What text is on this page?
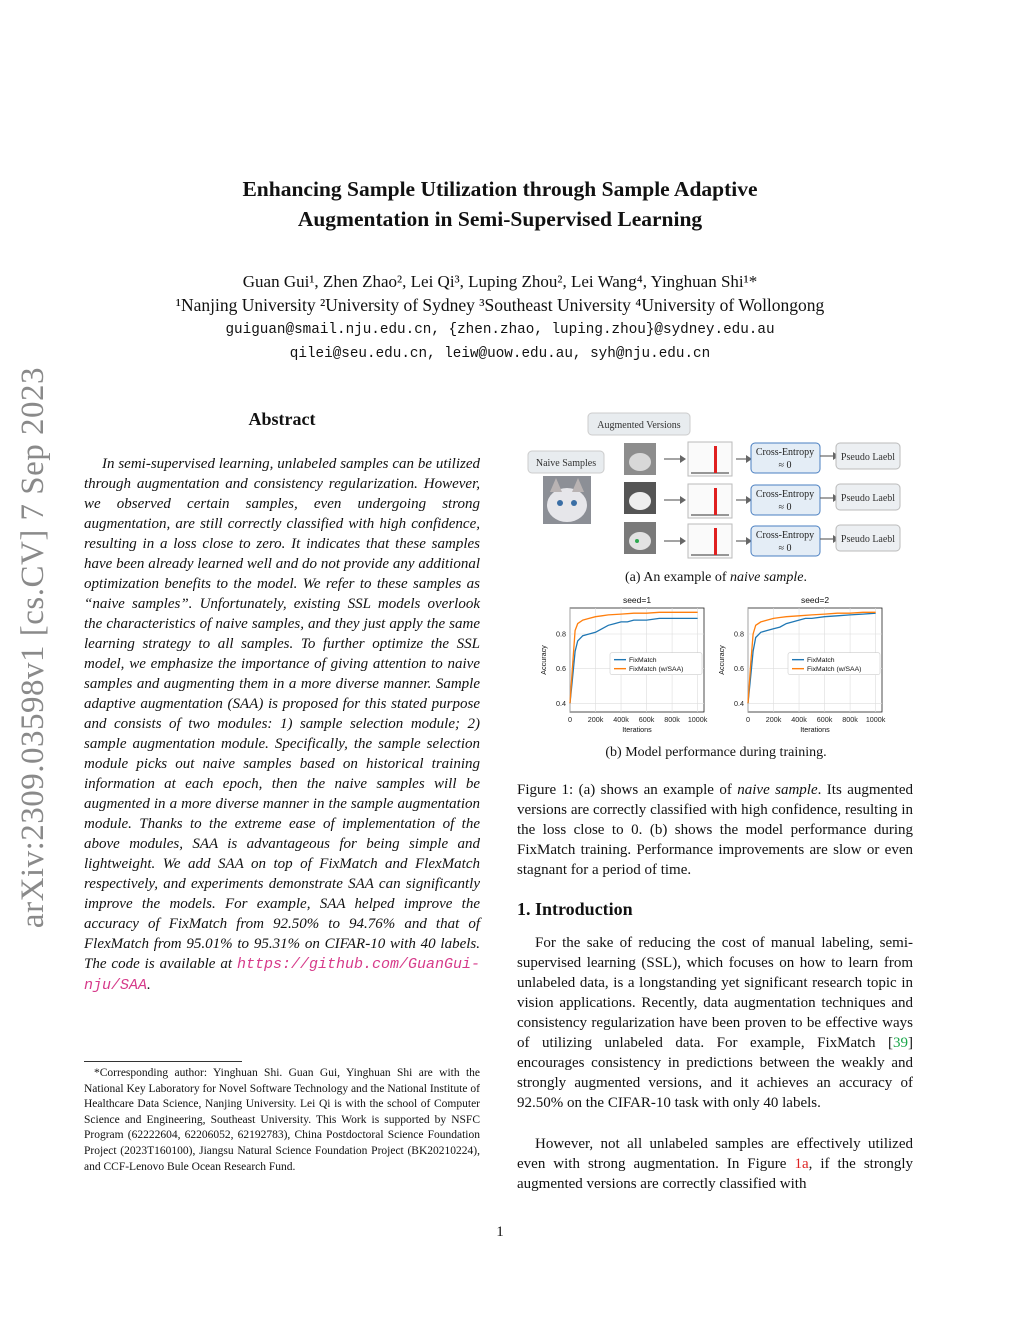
arXiv:2309.03598v1 [cs.CV] 7 Sep 2023
Enhancing Sample Utilization through Sample Adaptive
Augmentation in Semi-Supervised Learning
Guan Gui¹, Zhen Zhao², Lei Qi³, Luping Zhou², Lei Wang⁴, Yinghuan Shi¹*
¹Nanjing University ²University of Sydney ³Southeast University ⁴University of Wollongong
guiguan@smail.nju.edu.cn, {zhen.zhao, luping.zhou}@sydney.edu.au
qilei@seu.edu.cn, leiw@uow.edu.au, syh@nju.edu.cn
Abstract
In semi-supervised learning, unlabeled samples can be utilized through augmentation and consistency regularization. However, we observed certain samples, even undergoing strong augmentation, are still correctly classified with high confidence, resulting in a loss close to zero. It indicates that these samples have been already learned well and do not provide any additional optimization benefits to the model. We refer to these samples as “naive samples”. Unfortunately, existing SSL models overlook the characteristics of naive samples, and they just apply the same learning strategy to all samples. To further optimize the SSL model, we emphasize the importance of giving attention to naive samples and augmenting them in a more diverse manner. Sample adaptive augmentation (SAA) is proposed for this stated purpose and consists of two modules: 1) sample selection module; 2) sample augmentation module. Specifically, the sample selection module picks out naive samples based on historical training information at each epoch, then the naive samples will be augmented in a more diverse manner in the sample augmentation module. Thanks to the extreme ease of implementation of the above modules, SAA is advantageous for being simple and lightweight. We add SAA on top of FixMatch and FlexMatch respectively, and experiments demonstrate SAA can significantly improve the models. For example, SAA helped improve the accuracy of FixMatch from 92.50% to 94.76% and that of FlexMatch from 95.01% to 95.31% on CIFAR-10 with 40 labels. The code is available at https://github.com/GuanGui-nju/SAA.
*Corresponding author: Yinghuan Shi. Guan Gui, Yinghuan Shi are with the National Key Laboratory for Novel Software Technology and the National Institute of Healthcare Data Science, Nanjing University. Lei Qi is with the school of Computer Science and Engineering, Southeast University. This Work is supported by NSFC Program (62222604, 62206052, 62192783), China Postdoctoral Science Foundation Project (2023T160100), Jiangsu Natural Science Foundation Project (BK20210224), and CCF-Lenovo Bule Ocean Research Fund.
Augmented Versions
Naive Samples
Cross-Entropy
≈ 0
Pseudo Laebl
Cross-Entropy
≈ 0
Pseudo Laebl
Cross-Entropy
≈ 0
Pseudo Laebl
(a) An example of naive sample.
0 200k 400k 600k 800k 1000k
0.4
0.6
0.8
seed=1
Iterations
Accuracy	FixMatch
FixMatch (w/SAA)
0 200k 400k 600k 800k 1000k
0.4
0.6
0.8
seed=2
Iterations
Accuracy	FixMatch
FixMatch (w/SAA)
(b) Model performance during training.
Figure 1: (a) shows an example of naive sample. Its augmented versions are correctly classified with high confidence, resulting in the loss close to 0. (b) shows the model performance during FixMatch training. Performance improvements are slow or even stagnant for a period of time.
1. Introduction
For the sake of reducing the cost of manual labeling, semi-supervised learning (SSL), which focuses on how to learn from unlabeled data, is a longstanding yet significant research topic in vision applications. Recently, data augmentation techniques and consistency regularization have been proven to be effective ways of utilizing unlabeled data. For example, FixMatch [39] encourages consistency in predictions between the weakly and strongly augmented versions, and it achieves an accuracy of 92.50% on the CIFAR-10 task with only 40 labels.
However, not all unlabeled samples are effectively utilized even with strong augmentation. In Figure 1a, if the strongly augmented versions are correctly classified with
1
